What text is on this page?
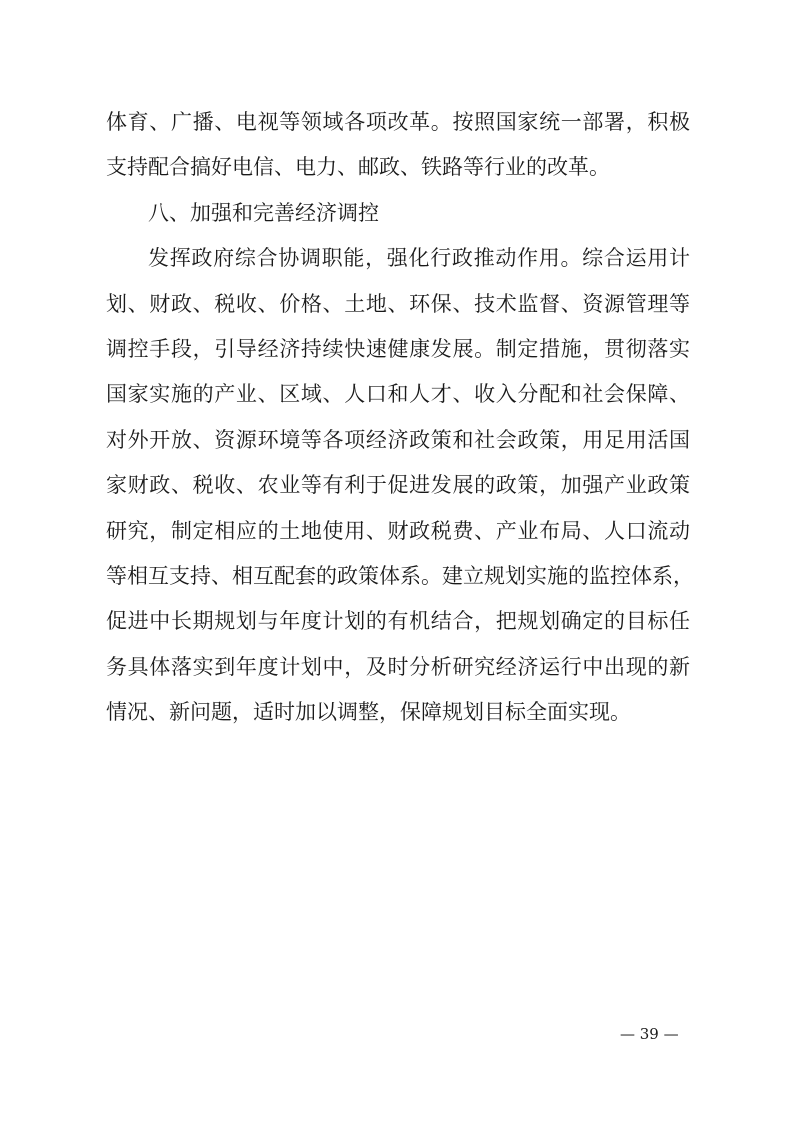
体育、广播、电视等领域各项改革。按照国家统一部署，积极
支持配合搞好电信、电力、邮政、铁路等行业的改革。
八、加强和完善经济调控
发挥政府综合协调职能，强化行政推动作用。综合运用计
划、财政、税收、价格、土地、环保、技术监督、资源管理等
调控手段，引导经济持续快速健康发展。制定措施，贯彻落实
国家实施的产业、区域、人口和人才、收入分配和社会保障、
对外开放、资源环境等各项经济政策和社会政策，用足用活国
家财政、税收、农业等有利于促进发展的政策，加强产业政策
研究，制定相应的土地使用、财政税费、产业布局、人口流动
等相互支持、相互配套的政策体系。建立规划实施的监控体系，
促进中长期规划与年度计划的有机结合，把规划确定的目标任
务具体落实到年度计划中，及时分析研究经济运行中出现的新
情况、新问题，适时加以调整，保障规划目标全面实现。
— 39 —
